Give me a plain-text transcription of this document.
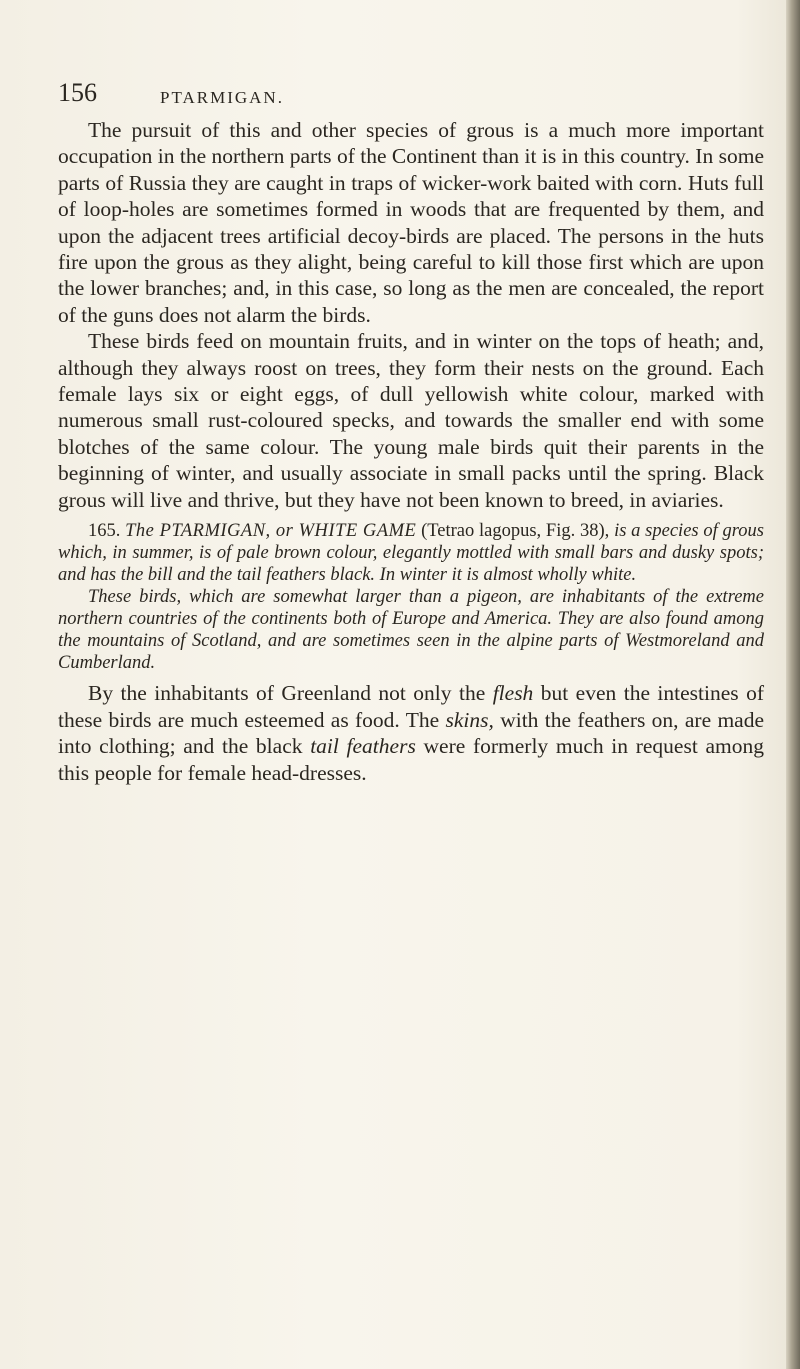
156	PTARMIGAN.

The pursuit of this and other species of grous is a much more important occupation in the northern parts of the Continent than it is in this country. In some parts of Russia they are caught in traps of wicker-work baited with corn. Huts full of loop-holes are sometimes formed in woods that are frequented by them, and upon the adjacent trees artificial decoy-birds are placed. The persons in the huts fire upon the grous as they alight, being careful to kill those first which are upon the lower branches; and, in this case, so long as the men are concealed, the report of the guns does not alarm the birds.

These birds feed on mountain fruits, and in winter on the tops of heath; and, although they always roost on trees, they form their nests on the ground. Each female lays six or eight eggs, of dull yellowish white colour, marked with numerous small rust-coloured specks, and towards the smaller end with some blotches of the same colour. The young male birds quit their parents in the beginning of winter, and usually associate in small packs until the spring. Black grous will live and thrive, but they have not been known to breed, in aviaries.

165. The PTARMIGAN, or WHITE GAME (Tetrao lagopus, Fig. 38), is a species of grous which, in summer, is of pale brown colour, elegantly mottled with small bars and dusky spots; and has the bill and the tail feathers black. In winter it is almost wholly white.

These birds, which are somewhat larger than a pigeon, are inhabitants of the extreme northern countries of the continents both of Europe and America. They are also found among the mountains of Scotland, and are sometimes seen in the alpine parts of Westmoreland and Cumberland.

By the inhabitants of Greenland not only the flesh but even the intestines of these birds are much esteemed as food. The skins, with the feathers on, are made into clothing; and the black tail feathers were formerly much in request among this people for female head-dresses.
